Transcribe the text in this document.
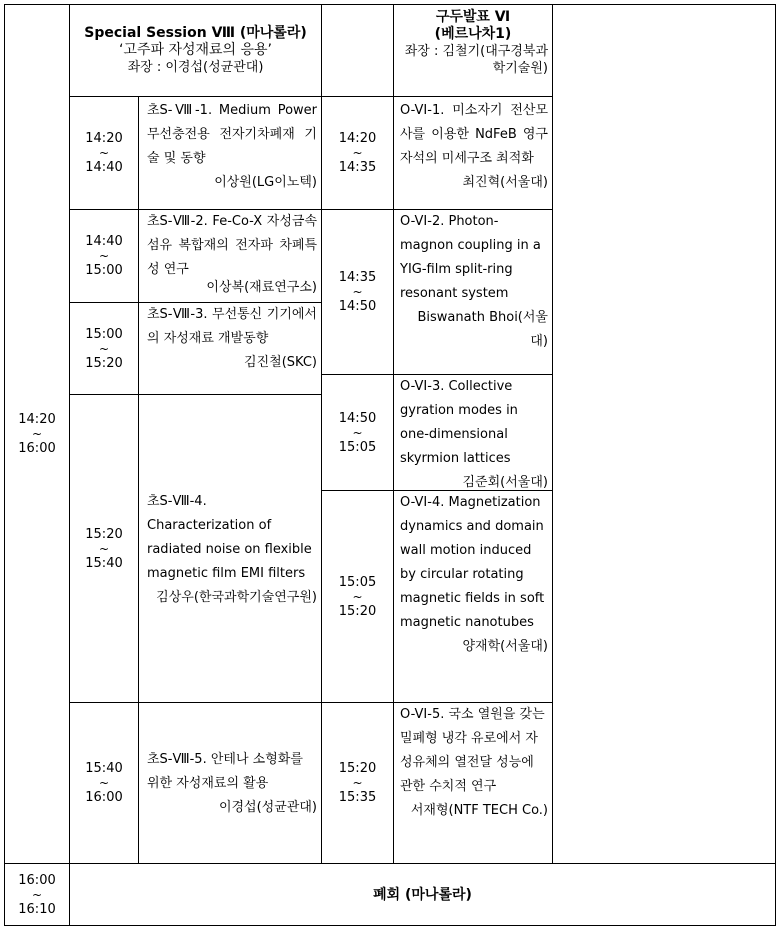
14:20
~
16:00
Special Session Ⅷ (마나롤라)
‘고주파 자성재료의 응용’
좌장 : 이경섭(성균관대)
구두발표 Ⅵ
(베르나차1)
좌장 : 김철기(대구경북과학기술원)
14:20
~
14:40
14:40
~
15:00
15:00
~
15:20
15:20
~
15:40
15:40
~
16:00
초S-Ⅷ-1. Medium Power 무선충전용 전자기차폐재 기술 및 동향
이상원(LG이노텍)
초S-Ⅷ-2. Fe-Co-X 자성금속섬유 복합재의 전자파 차폐특성 연구
이상복(재료연구소)
초S-Ⅷ-3. 무선통신 기기에서의 자성재료 개발동향
김진철(SKC)
초S-Ⅷ-4. Characterization of radiated noise on flexible magnetic film EMI filters
김상우(한국과학기술연구원)
초S-Ⅷ-5. 안테나 소형화를 위한 자성재료의 활용
이경섭(성균관대)
14:20
~
14:35
14:35
~
14:50
14:50
~
15:05
15:05
~
15:20
15:20
~
15:35
O-VI-1. 미소자기 전산모사를 이용한 NdFeB 영구자석의 미세구조 최적화
최진혁(서울대)
O-VI-2. Photon-magnon coupling in a YIG-film split-ring resonant system
Biswanath Bhoi(서울대)
O-VI-3. Collective gyration modes in one-dimensional skyrmion lattices
김준회(서울대)
O-VI-4. Magnetization dynamics and domain wall motion induced by circular rotating magnetic fields in soft magnetic nanotubes
양재학(서울대)
O-VI-5. 국소 열원을 갖는 밀폐형 냉각 유로에서 자성유체의 열전달 성능에 관한 수치적 연구
서재형(NTF TECH Co.)
16:00
~
16:10
폐회 (마나롤라)
